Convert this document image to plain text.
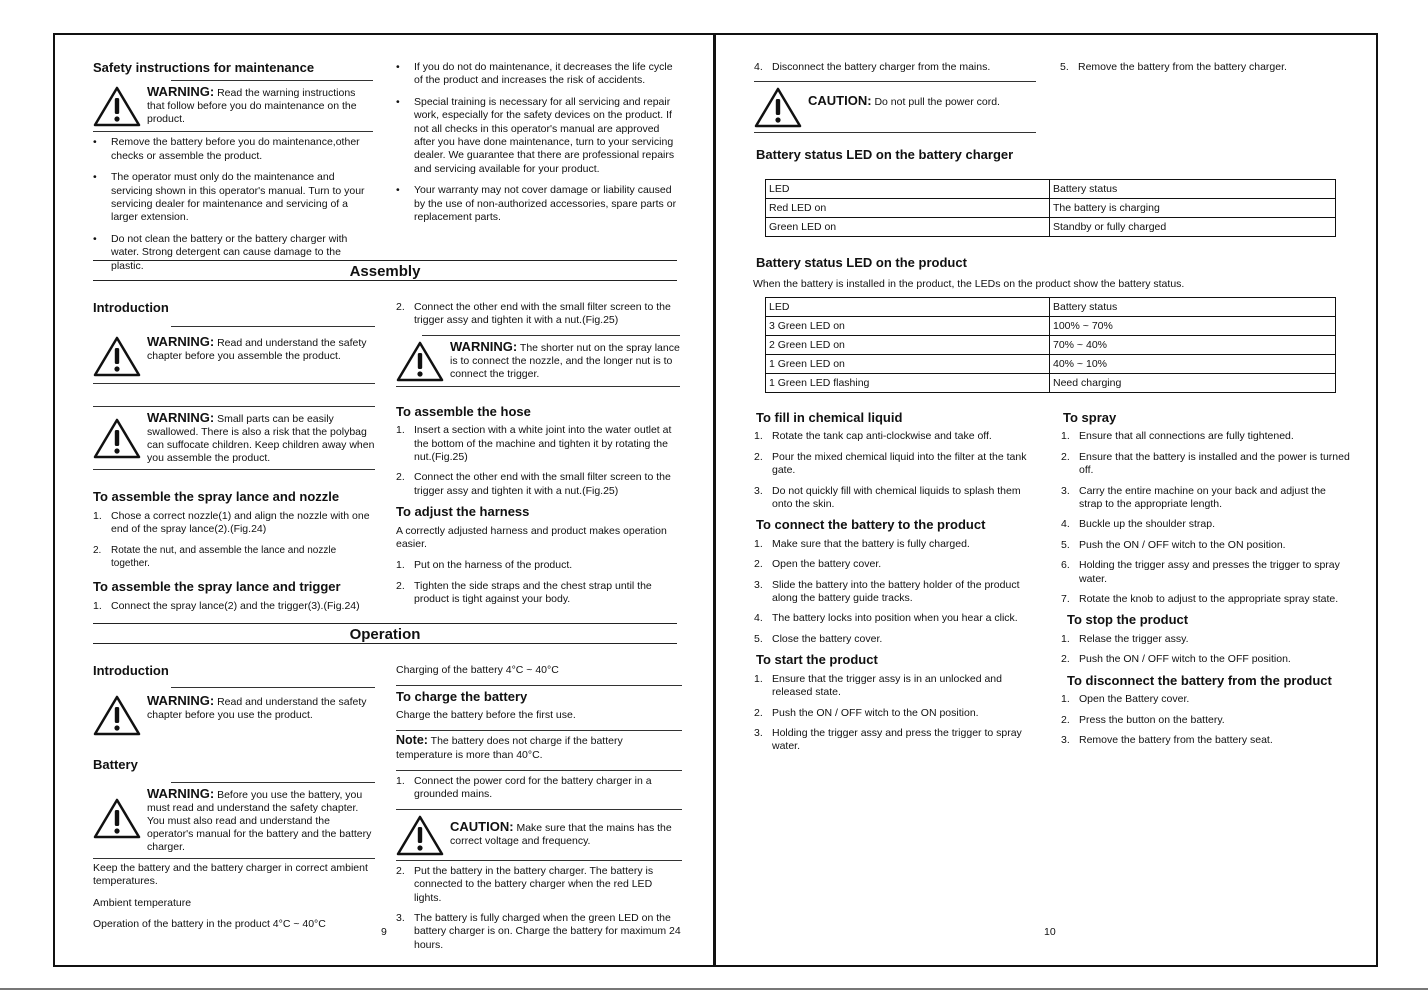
Safety instructions for maintenance
WARNING: Read the warning instructions that follow before you do maintenance on the product.
• Remove the battery before you do maintenance,other checks or assemble the product.
• The operator must only do the maintenance and servicing shown in this operator's manual. Turn to your servicing dealer for maintenance and servicing of a larger extension.
• Do not clean the battery or the battery charger with water. Strong detergent can cause damage to the plastic.
• If you do not do maintenance, it decreases the life cycle of the product and increases the risk of accidents.
• Special training is necessary for all servicing and repair work, especially for the safety devices on the product. If not all checks in this operator's manual are approved after you have done maintenance, turn to your servicing dealer. We guarantee that there are professional repairs and servicing available for your product.
• Your warranty may not cover damage or liability caused by the use of non-authorized accessories, spare parts or replacement parts.
Assembly
Introduction
WARNING: Read and understand the safety chapter before you assemble the product.
WARNING: Small parts can be easily swallowed. There is also a risk that the polybag can suffocate children. Keep children away when you assemble the product.
To assemble the spray lance and nozzle
1. Chose a correct nozzle(1) and align the nozzle with one end of the spray lance(2).(Fig.24)
2. Rotate the nut, and assemble the lance and nozzle together.
To assemble the spray lance and trigger
1. Connect the spray lance(2) and the trigger(3).(Fig.24)
2. Connect the other end with the small filter screen to the trigger assy and tighten it with a nut.(Fig.25)
WARNING: The shorter nut on the spray lance is to connect the nozzle, and the longer nut is to connect the trigger.
To assemble the hose
1. Insert a section with a white joint into the water outlet at the bottom of the machine and tighten it by rotating the nut.(Fig.25)
2. Connect the other end with the small filter screen to the trigger assy and tighten it with a nut.(Fig.25)
To adjust the harness
A correctly adjusted harness and product makes operation easier.
1. Put on the harness of the product.
2. Tighten the side straps and the chest strap until the product is tight against your body.
Operation
Introduction
WARNING: Read and understand the safety chapter before you use the product.
Battery
WARNING: Before you use the battery, you must read and understand the safety chapter. You must also read and understand the operator's manual for the battery and the battery charger.
Keep the battery and the battery charger in correct ambient temperatures.
Ambient temperature
Operation of the battery in the product 4°C ~ 40°C
Charging of the battery 4°C ~ 40°C
To charge the battery
Charge the battery before the first use.
Note: The battery does not charge if the battery temperature is more than 40°C.
1. Connect the power cord for the battery charger in a grounded mains.
CAUTION: Make sure that the mains has the correct voltage and frequency.
2. Put the battery in the battery charger. The battery is connected to the battery charger when the red LED lights.
3. The battery is fully charged when the green LED on the battery charger is on. Charge the battery for maximum 24 hours.
9
4. Disconnect the battery charger from the mains.
CAUTION: Do not pull the power cord.
5. Remove the battery from the battery charger.
Battery status LED on the battery charger
LED	Battery status
Red LED on	The battery is charging
Green LED on	Standby or fully charged
Battery status LED on the product
When the battery is installed in the product, the LEDs on the product show the battery status.
LED	Battery status
3 Green LED on	100% ~ 70%
2 Green LED on	70% ~ 40%
1 Green LED on	40% ~ 10%
1 Green LED flashing	Need charging
To fill in chemical liquid
1. Rotate the tank cap anti-clockwise and take off.
2. Pour the mixed chemical liquid into the filter at the tank gate.
3. Do not quickly fill with chemical liquids to splash them onto the skin.
To connect the battery to the product
1. Make sure that the battery is fully charged.
2. Open the battery cover.
3. Slide the battery into the battery holder of the product along the battery guide tracks.
4. The battery locks into position when you hear a click.
5. Close the battery cover.
To start the product
1. Ensure that the trigger assy is in an unlocked and released state.
2. Push the ON / OFF witch to the ON position.
3. Holding the trigger assy and press the trigger to spray water.
To spray
1. Ensure that all connections are fully tightened.
2. Ensure that the battery is installed and the power is turned off.
3. Carry the entire machine on your back and adjust the strap to the appropriate length.
4. Buckle up the shoulder strap.
5. Push the ON / OFF witch to the ON position.
6. Holding the trigger assy and presses the trigger to spray water.
7. Rotate the knob to adjust to the appropriate spray state.
To stop the product
1. Relase the trigger assy.
2. Push the ON / OFF witch to the OFF position.
To disconnect the battery from the product
1. Open the Battery cover.
2. Press the button on the battery.
3. Remove the battery from the battery seat.
10
